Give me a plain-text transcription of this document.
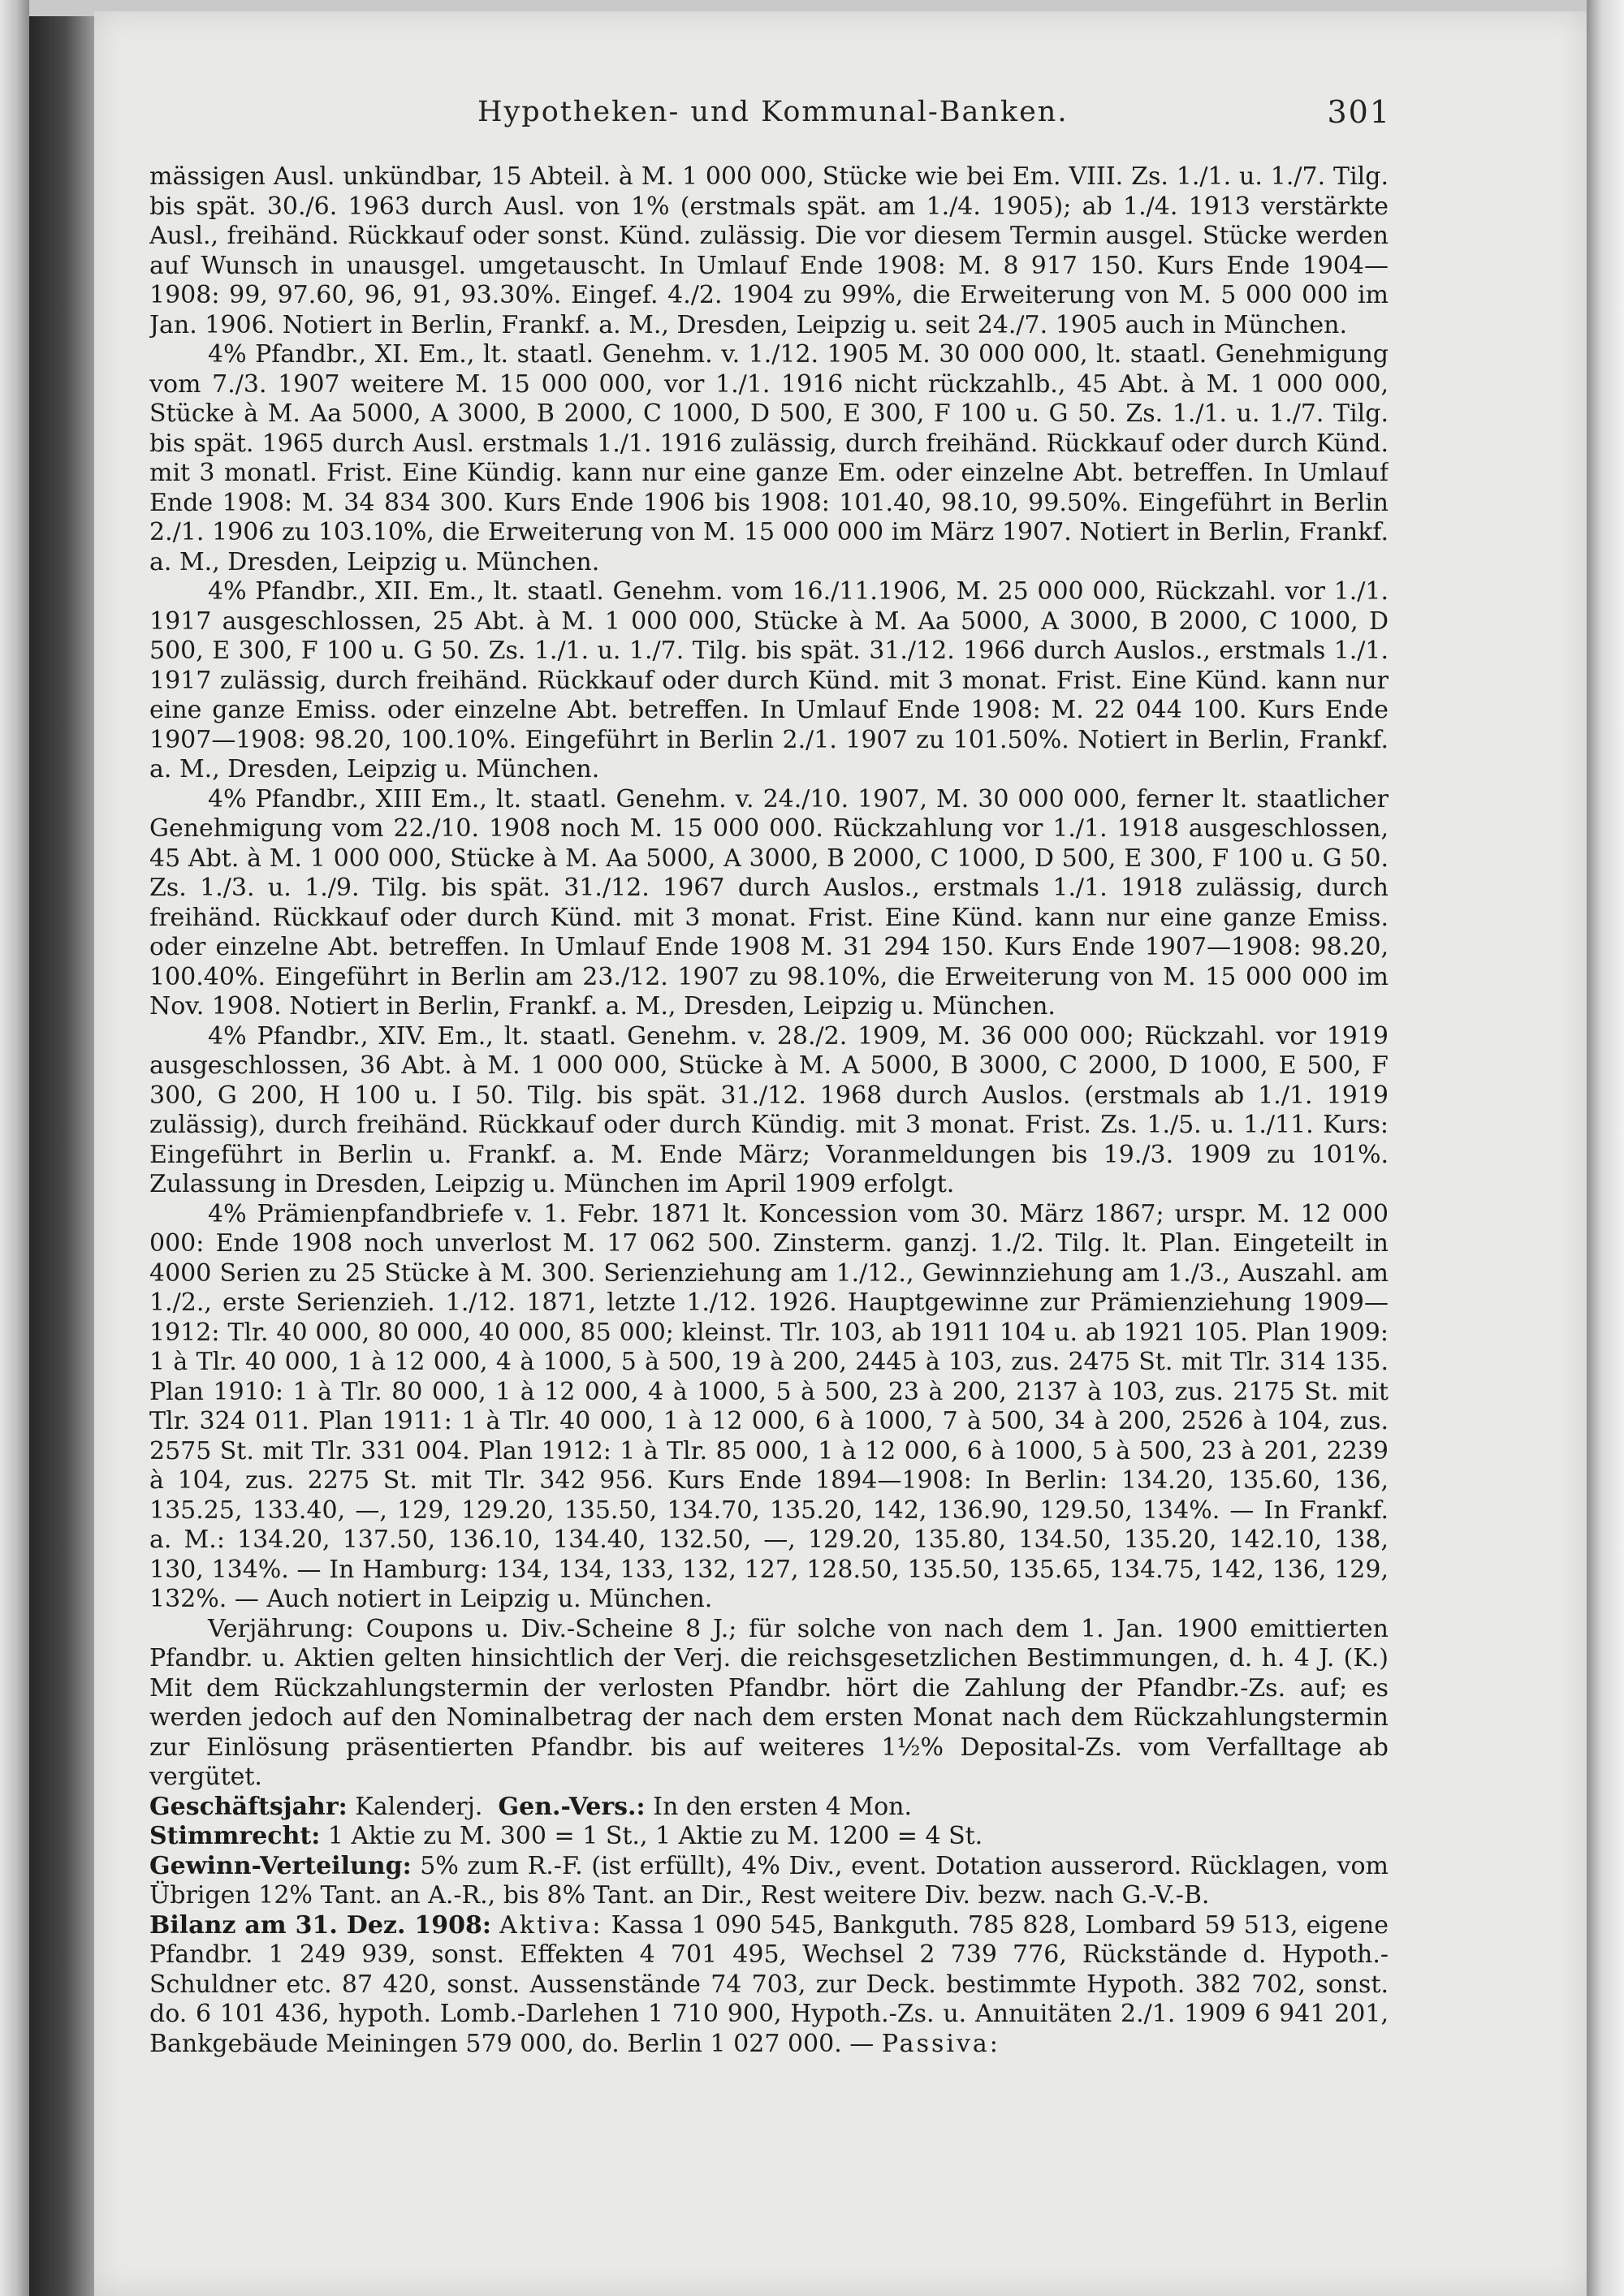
Hypotheken- und Kommunal-Banken.	301

mässigen Ausl. unkündbar, 15 Abteil. à M. 1 000 000, Stücke wie bei Em. VIII. Zs. 1./1. u. 1./7. Tilg. bis spät. 30./6. 1963 durch Ausl. von 1% (erstmals spät. am 1./4. 1905); ab 1./4. 1913 verstärkte Ausl., freihänd. Rückkauf oder sonst. Künd. zulässig. Die vor diesem Termin ausgel. Stücke werden auf Wunsch in unausgel. umgetauscht. In Umlauf Ende 1908: M. 8 917 150. Kurs Ende 1904—1908: 99, 97.60, 96, 91, 93.30%. Eingef. 4./2. 1904 zu 99%, die Erweiterung von M. 5 000 000 im Jan. 1906. Notiert in Berlin, Frankf. a. M., Dresden, Leipzig u. seit 24./7. 1905 auch in München.

4% Pfandbr., XI. Em., lt. staatl. Genehm. v. 1./12. 1905 M. 30 000 000, lt. staatl. Genehmigung vom 7./3. 1907 weitere M. 15 000 000, vor 1./1. 1916 nicht rückzahlb., 45 Abt. à M. 1 000 000, Stücke à M. Aa 5000, A 3000, B 2000, C 1000, D 500, E 300, F 100 u. G 50. Zs. 1./1. u. 1./7. Tilg. bis spät. 1965 durch Ausl. erstmals 1./1. 1916 zulässig, durch freihänd. Rückkauf oder durch Künd. mit 3 monatl. Frist. Eine Kündig. kann nur eine ganze Em. oder einzelne Abt. betreffen. In Umlauf Ende 1908: M. 34 834 300. Kurs Ende 1906 bis 1908: 101.40, 98.10, 99.50%. Eingeführt in Berlin 2./1. 1906 zu 103.10%, die Erweiterung von M. 15 000 000 im März 1907. Notiert in Berlin, Frankf. a. M., Dresden, Leipzig u. München.

4% Pfandbr., XII. Em., lt. staatl. Genehm. vom 16./11.1906, M. 25 000 000, Rückzahl. vor 1./1. 1917 ausgeschlossen, 25 Abt. à M. 1 000 000, Stücke à M. Aa 5000, A 3000, B 2000, C 1000, D 500, E 300, F 100 u. G 50. Zs. 1./1. u. 1./7. Tilg. bis spät. 31./12. 1966 durch Auslos., erstmals 1./1. 1917 zulässig, durch freihänd. Rückkauf oder durch Künd. mit 3 monat. Frist. Eine Künd. kann nur eine ganze Emiss. oder einzelne Abt. betreffen. In Umlauf Ende 1908: M. 22 044 100. Kurs Ende 1907—1908: 98.20, 100.10%. Eingeführt in Berlin 2./1. 1907 zu 101.50%. Notiert in Berlin, Frankf. a. M., Dresden, Leipzig u. München.

4% Pfandbr., XIII Em., lt. staatl. Genehm. v. 24./10. 1907, M. 30 000 000, ferner lt. staatlicher Genehmigung vom 22./10. 1908 noch M. 15 000 000. Rückzahlung vor 1./1. 1918 ausgeschlossen, 45 Abt. à M. 1 000 000, Stücke à M. Aa 5000, A 3000, B 2000, C 1000, D 500, E 300, F 100 u. G 50. Zs. 1./3. u. 1./9. Tilg. bis spät. 31./12. 1967 durch Auslos., erstmals 1./1. 1918 zulässig, durch freihänd. Rückkauf oder durch Künd. mit 3 monat. Frist. Eine Künd. kann nur eine ganze Emiss. oder einzelne Abt. betreffen. In Umlauf Ende 1908 M. 31 294 150. Kurs Ende 1907—1908: 98.20, 100.40%. Eingeführt in Berlin am 23./12. 1907 zu 98.10%, die Erweiterung von M. 15 000 000 im Nov. 1908. Notiert in Berlin, Frankf. a. M., Dresden, Leipzig u. München.

4% Pfandbr., XIV. Em., lt. staatl. Genehm. v. 28./2. 1909, M. 36 000 000; Rückzahl. vor 1919 ausgeschlossen, 36 Abt. à M. 1 000 000, Stücke à M. A 5000, B 3000, C 2000, D 1000, E 500, F 300, G 200, H 100 u. I 50. Tilg. bis spät. 31./12. 1968 durch Auslos. (erstmals ab 1./1. 1919 zulässig), durch freihänd. Rückkauf oder durch Kündig. mit 3 monat. Frist. Zs. 1./5. u. 1./11. Kurs: Eingeführt in Berlin u. Frankf. a. M. Ende März; Voranmeldungen bis 19./3. 1909 zu 101%. Zulassung in Dresden, Leipzig u. München im April 1909 erfolgt.

4% Prämienpfandbriefe v. 1. Febr. 1871 lt. Koncession vom 30. März 1867; urspr. M. 12 000 000: Ende 1908 noch unverlost M. 17 062 500. Zinsterm. ganzj. 1./2. Tilg. lt. Plan. Eingeteilt in 4000 Serien zu 25 Stücke à M. 300. Serienziehung am 1./12., Gewinnziehung am 1./3., Auszahl. am 1./2., erste Serienzieh. 1./12. 1871, letzte 1./12. 1926. Hauptgewinne zur Prämienziehung 1909—1912: Tlr. 40 000, 80 000, 40 000, 85 000; kleinst. Tlr. 103, ab 1911 104 u. ab 1921 105. Plan 1909: 1 à Tlr. 40 000, 1 à 12 000, 4 à 1000, 5 à 500, 19 à 200, 2445 à 103, zus. 2475 St. mit Tlr. 314 135. Plan 1910: 1 à Tlr. 80 000, 1 à 12 000, 4 à 1000, 5 à 500, 23 à 200, 2137 à 103, zus. 2175 St. mit Tlr. 324 011. Plan 1911: 1 à Tlr. 40 000, 1 à 12 000, 6 à 1000, 7 à 500, 34 à 200, 2526 à 104, zus. 2575 St. mit Tlr. 331 004. Plan 1912: 1 à Tlr. 85 000, 1 à 12 000, 6 à 1000, 5 à 500, 23 à 201, 2239 à 104, zus. 2275 St. mit Tlr. 342 956. Kurs Ende 1894—1908: In Berlin: 134.20, 135.60, 136, 135.25, 133.40, —, 129, 129.20, 135.50, 134.70, 135.20, 142, 136.90, 129.50, 134%. — In Frankf. a. M.: 134.20, 137.50, 136.10, 134.40, 132.50, —, 129.20, 135.80, 134.50, 135.20, 142.10, 138, 130, 134%. — In Hamburg: 134, 134, 133, 132, 127, 128.50, 135.50, 135.65, 134.75, 142, 136, 129, 132%. — Auch notiert in Leipzig u. München.

Verjährung: Coupons u. Div.-Scheine 8 J.; für solche von nach dem 1. Jan. 1900 emittierten Pfandbr. u. Aktien gelten hinsichtlich der Verj. die reichsgesetzlichen Bestimmungen, d. h. 4 J. (K.) Mit dem Rückzahlungstermin der verlosten Pfandbr. hört die Zahlung der Pfandbr.-Zs. auf; es werden jedoch auf den Nominalbetrag der nach dem ersten Monat nach dem Rückzahlungstermin zur Einlösung präsentierten Pfandbr. bis auf weiteres 1½% Deposital-Zs. vom Verfalltage ab vergütet.

Geschäftsjahr: Kalenderj. Gen.-Vers.: In den ersten 4 Mon.

Stimmrecht: 1 Aktie zu M. 300 = 1 St., 1 Aktie zu M. 1200 = 4 St.

Gewinn-Verteilung: 5% zum R.-F. (ist erfüllt), 4% Div., event. Dotation ausserord. Rücklagen, vom Übrigen 12% Tant. an A.-R., bis 8% Tant. an Dir., Rest weitere Div. bezw. nach G.-V.-B.

Bilanz am 31. Dez. 1908: Aktiva: Kassa 1 090 545, Bankguth. 785 828, Lombard 59 513, eigene Pfandbr. 1 249 939, sonst. Effekten 4 701 495, Wechsel 2 739 776, Rückstände d. Hypoth.-Schuldner etc. 87 420, sonst. Aussenstände 74 703, zur Deck. bestimmte Hypoth. 382 702, sonst. do. 6 101 436, hypoth. Lomb.-Darlehen 1 710 900, Hypoth.-Zs. u. Annuitäten 2./1. 1909 6 941 201, Bankgebäude Meiningen 579 000, do. Berlin 1 027 000. — Passiva:
